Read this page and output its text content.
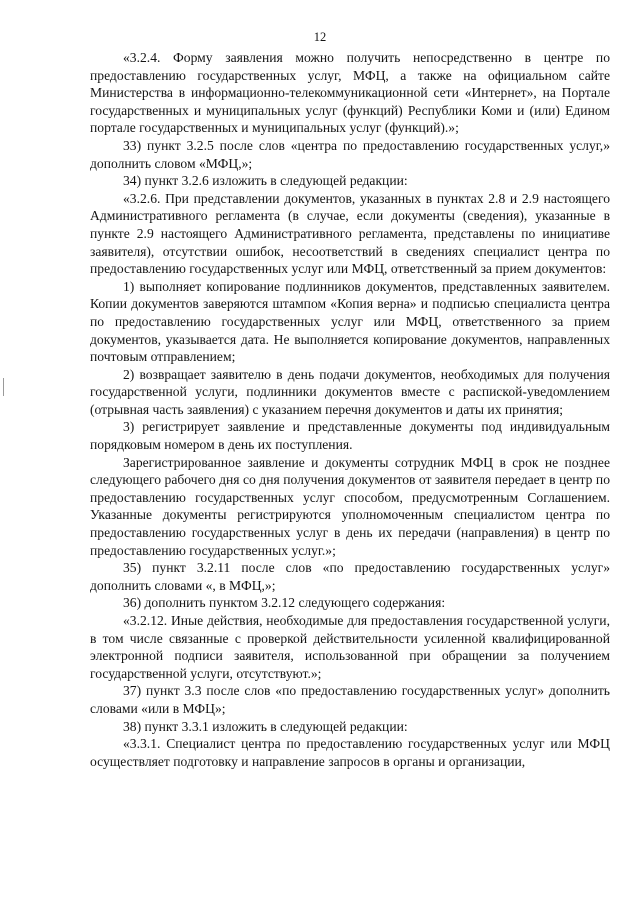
12

«3.2.4. Форму заявления можно получить непосредственно в центре по предоставлению государственных услуг, МФЦ, а также на официальном сайте Министерства в информационно-телекоммуникационной сети «Интернет», на Портале государственных и муниципальных услуг (функций) Республики Коми и (или) Едином портале государственных и муниципальных услуг (функций).»;

33) пункт 3.2.5 после слов «центра по предоставлению государственных услуг,» дополнить словом «МФЦ,»;

34) пункт 3.2.6 изложить в следующей редакции:

«3.2.6. При представлении документов, указанных в пунктах 2.8 и 2.9 настоящего Административного регламента (в случае, если документы (сведения), указанные в пункте 2.9 настоящего Административного регламента, представлены по инициативе заявителя), отсутствии ошибок, несоответствий в сведениях специалист центра по предоставлению государственных услуг или МФЦ, ответственный за прием документов:

1) выполняет копирование подлинников документов, представленных заявителем. Копии документов заверяются штампом «Копия верна» и подписью специалиста центра по предоставлению государственных услуг или МФЦ, ответственного за прием документов, указывается дата. Не выполняется копирование документов, направленных почтовым отправлением;

2) возвращает заявителю в день подачи документов, необходимых для получения государственной услуги, подлинники документов вместе с распиской-уведомлением (отрывная часть заявления) с указанием перечня документов и даты их принятия;

3) регистрирует заявление и представленные документы под индивидуальным порядковым номером в день их поступления.

Зарегистрированное заявление и документы сотрудник МФЦ в срок не позднее следующего рабочего дня со дня получения документов от заявителя передает в центр по предоставлению государственных услуг способом, предусмотренным Соглашением. Указанные документы регистрируются уполномоченным специалистом центра по предоставлению государственных услуг в день их передачи (направления) в центр по предоставлению государственных услуг.»;

35) пункт 3.2.11 после слов «по предоставлению государственных услуг» дополнить словами «, в МФЦ,»;

36) дополнить пунктом 3.2.12 следующего содержания:

«3.2.12. Иные действия, необходимые для предоставления государственной услуги, в том числе связанные с проверкой действительности усиленной квалифицированной электронной подписи заявителя, использованной при обращении за получением государственной услуги, отсутствуют.»;

37) пункт 3.3 после слов «по предоставлению государственных услуг» дополнить словами «или в МФЦ»;

38) пункт 3.3.1 изложить в следующей редакции:

«3.3.1. Специалист центра по предоставлению государственных услуг или МФЦ осуществляет подготовку и направление запросов в органы и организации,
